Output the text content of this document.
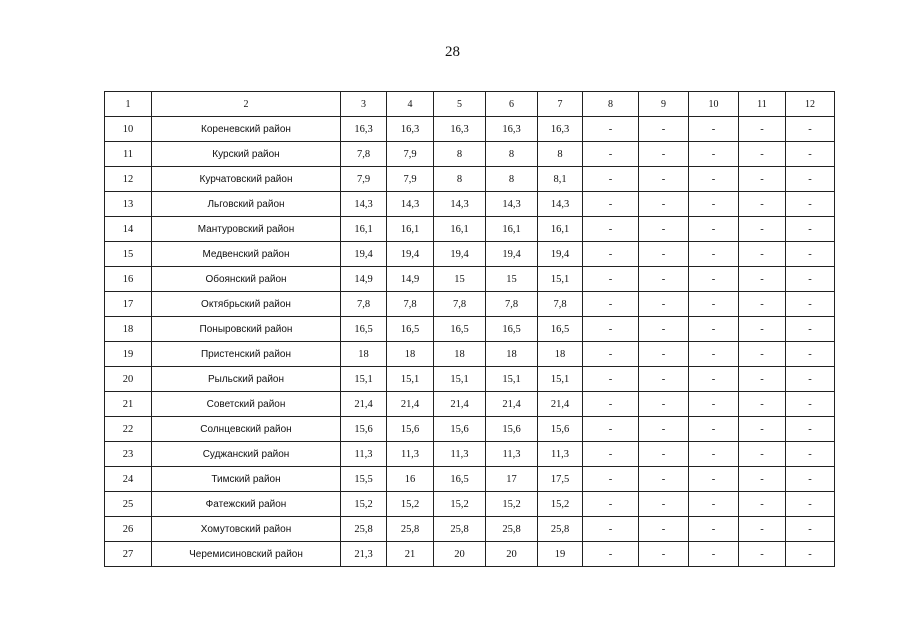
28
1	2	3	4	5	6	7	8	9	10	11	12
10	Кореневский район	16,3	16,3	16,3	16,3	16,3	-	-	-	-	-
11	Курский район	7,8	7,9	8	8	8	-	-	-	-	-
12	Курчатовский район	7,9	7,9	8	8	8,1	-	-	-	-	-
13	Льговский район	14,3	14,3	14,3	14,3	14,3	-	-	-	-	-
14	Мантуровский район	16,1	16,1	16,1	16,1	16,1	-	-	-	-	-
15	Медвенский район	19,4	19,4	19,4	19,4	19,4	-	-	-	-	-
16	Обоянский район	14,9	14,9	15	15	15,1	-	-	-	-	-
17	Октябрьский район	7,8	7,8	7,8	7,8	7,8	-	-	-	-	-
18	Поныровский район	16,5	16,5	16,5	16,5	16,5	-	-	-	-	-
19	Пристенский район	18	18	18	18	18	-	-	-	-	-
20	Рыльский район	15,1	15,1	15,1	15,1	15,1	-	-	-	-	-
21	Советский район	21,4	21,4	21,4	21,4	21,4	-	-	-	-	-
22	Солнцевский район	15,6	15,6	15,6	15,6	15,6	-	-	-	-	-
23	Суджанский район	11,3	11,3	11,3	11,3	11,3	-	-	-	-	-
24	Тимский район	15,5	16	16,5	17	17,5	-	-	-	-	-
25	Фатежский район	15,2	15,2	15,2	15,2	15,2	-	-	-	-	-
26	Хомутовский район	25,8	25,8	25,8	25,8	25,8	-	-	-	-	-
27	Черемисиновский район	21,3	21	20	20	19	-	-	-	-	-
